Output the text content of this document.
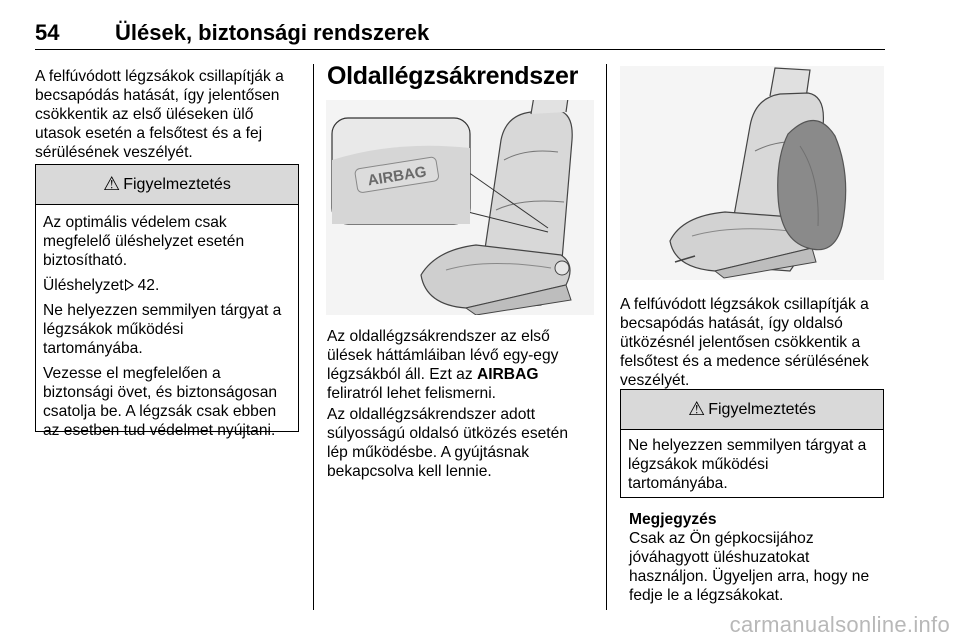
54	Ülések, biztonsági rendszerek
A felfúvódott légzsákok csillapítják a
becsapódás hatását, így jelentősen
csökkentik az első üléseken ülő
utasok esetén a felsőtest és a fej
sérülésének veszélyét.
⚠ Figyelmeztetés

Az optimális védelem csak
megfelelő üléshelyzet esetén
biztosítható.

Üléshelyzet 42.

Ne helyezzen semmilyen tárgyat a
légzsákok működési
tartományába.

Vezesse el megfelelően a
biztonsági övet, és biztonságosan
csatolja be. A légzsák csak ebben
az esetben tud védelmet nyújtani.

Oldallégzsákrendszer
AIRBAG
Az oldallégzsákrendszer az első
ülések háttámláiban lévő egy-egy
légzsákból áll. Ezt az AIRBAG
feliratról lehet felismerni.
Az oldallégzsákrendszer adott
súlyosságú oldalsó ütközés esetén
lép működésbe. A gyújtásnak
bekapcsolva kell lennie.
A felfúvódott légzsákok csillapítják a
becsapódás hatását, így oldalsó
ütközésnél jelentősen csökkentik a
felsőtest és a medence sérülésének
veszélyét.
⚠ Figyelmeztetés
Ne helyezzen semmilyen tárgyat a
légzsákok működési
tartományába.
Megjegyzés
Csak az Ön gépkocsijához
jóváhagyott üléshuzatokat
használjon. Ügyeljen arra, hogy ne
fedje le a légzsákokat.
carmanualsonline.info
